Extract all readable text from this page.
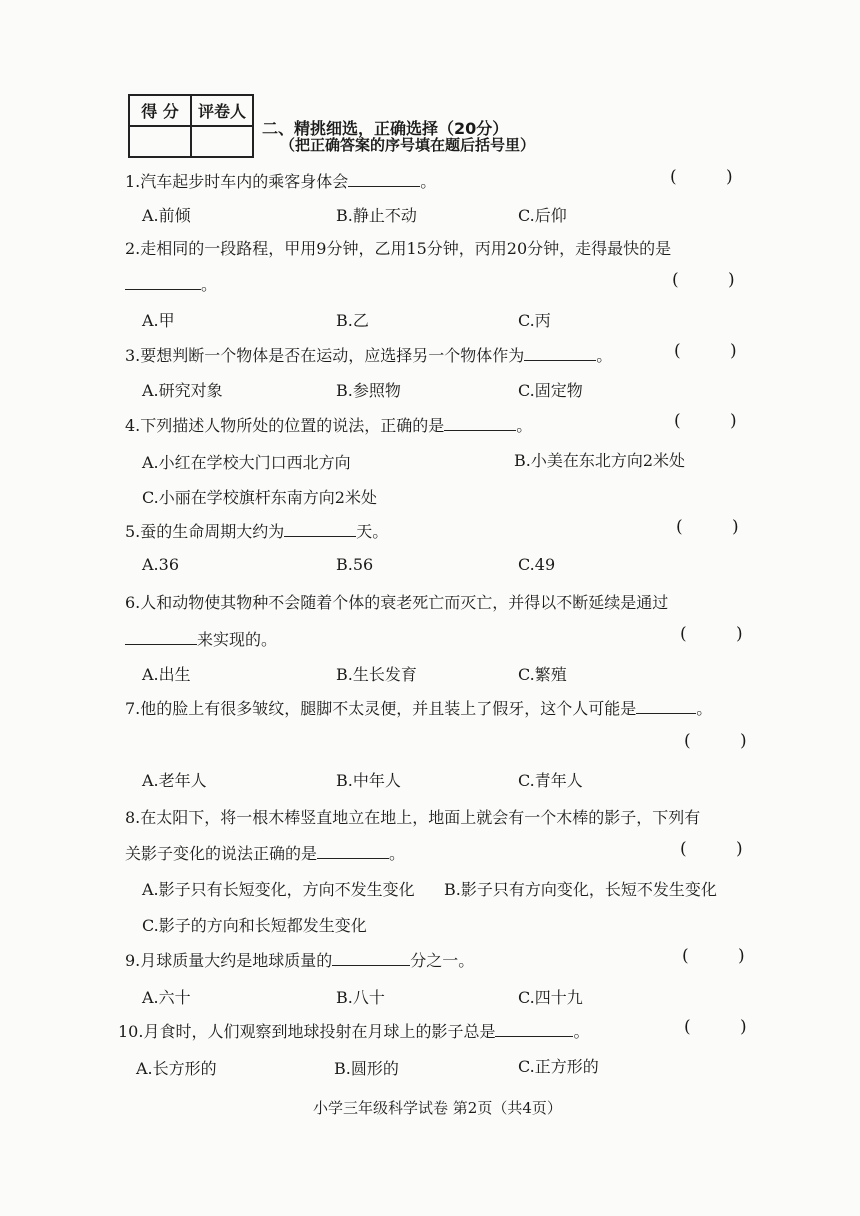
得 分	评卷人

二、精挑细选，正确选择（20分）
（把正确答案的序号填在题后括号里）
1.汽车起步时车内的乘客身体会	。	(	)
A.前倾	B.静止不动	C.后仰
2.走相同的一段路程，甲用9分钟，乙用15分钟，丙用20分钟，走得最快的是
。	(	)
A.甲	B.乙	C.丙
3.要想判断一个物体是否在运动，应选择另一个物体作为	。	(	)
A.研究对象	B.参照物	C.固定物
4.下列描述人物所处的位置的说法，正确的是	。	(	)
A.小红在学校大门口西北方向	B.小美在东北方向2米处
C.小丽在学校旗杆东南方向2米处
5.蚕的生命周期大约为	天。	(	)
A.36	B.56	C.49
6.人和动物使其物种不会随着个体的衰老死亡而灭亡，并得以不断延续是通过
来实现的。	(	)
A.出生	B.生长发育	C.繁殖
7.他的脸上有很多皱纹，腿脚不太灵便，并且装上了假牙，这个人可能是	。
(	)
A.老年人	B.中年人	C.青年人
8.在太阳下，将一根木棒竖直地立在地上，地面上就会有一个木棒的影子，下列有
关影子变化的说法正确的是	。	(	)
A.影子只有长短变化，方向不发生变化 B.影子只有方向变化，长短不发生变化
C.影子的方向和长短都发生变化
9.月球质量大约是地球质量的	分之一。	(	)
A.六十	B.八十	C.四十九
10.月食时，人们观察到地球投射在月球上的影子总是	。	(	)
A.长方形的	B.圆形的	C.正方形的
小学三年级科学试卷 第2页（共4页）
